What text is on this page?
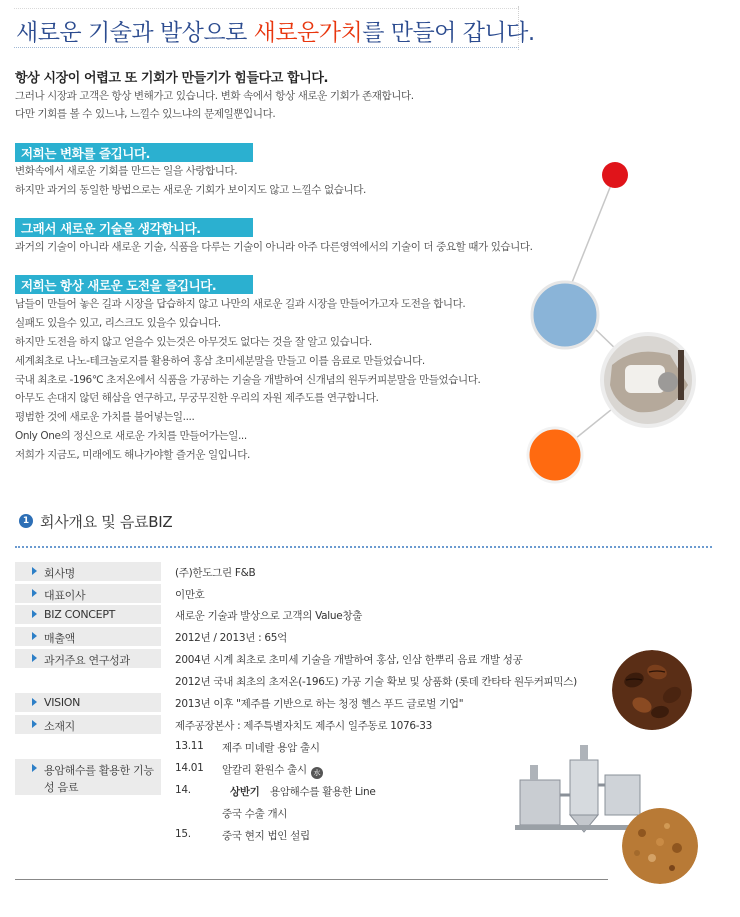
새로운 기술과 발상으로 새로운가치를 만들어 갑니다.
항상 시장이 어렵고 또 기회가 만들기가 힘들다고 합니다.
그러나 시장과 고객은 항상 변해가고 있습니다. 변화 속에서 항상 새로운 기회가 존재합니다.
다만 기회를 볼 수 있느냐, 느낄수 있느냐의 문제일뿐입니다.
저희는 변화를 즐깁니다.
변화속에서 새로운 기회를 만드는 일을 사랑합니다.
하지만 과거의 동일한 방법으로는 새로운 기회가 보이지도 않고 느낄수 없습니다.
그래서 새로운 기술을 생각합니다.
과거의 기술이 아니라 새로운 기술, 식품을 다루는 기술이 아니라 아주 다른영역에서의 기술이 더 중요할 때가 있습니다.
저희는 항상 새로운 도전을 즐깁니다.
남들이 만들어 놓은 길과 시장을 답습하지 않고 나만의 새로운 길과 시장을 만들어가고자 도전을 합니다.
실패도 있을수 있고, 리스크도 있을수 있습니다.
하지만 도전을 하지 않고 얻을수 있는것은 아무것도 없다는 것을 잘 알고 있습니다.
세계최초로 나노-테크놀로지를 활용하여 홍삼 초미세분말을 만들고 이를 음료로 만들었습니다.
국내 최초로 -196℃ 초저온에서 식품을 가공하는 기술을 개발하여 신개념의 원두커피분말을 만들었습니다.
아무도 손대지 않던 해삼을 연구하고, 무궁무진한 우리의 자원 제주도를 연구합니다.
평범한 것에 새로운 가치를 불어넣는일....
Only One의 정신으로 새로운 가치를 만들어가는일...
저희가 지금도, 미래에도 해나가야할 즐거운 일입니다.
1 회사개요 및 음료BIZ
회사명
대표이사
BIZ CONCEPT
매출액
과거주요 연구성과
VISION
소재지
용암해수를 활용한 기능성 음료
(주)한도그린 F&B
이만호
새로운 기술과 발상으로 고객의 Value창출
2012년 / 2013년 : 65억
2004년 시계 최초로 초미세 기술을 개발하여 홍삼, 인삼 한뿌리 음료 개발 성공
2012년 국내 최초의 초저온(-196도) 가공 기술 확보 및 상품화 (롯데 칸타타 원두커피믹스)
2013년 이후 "제주를 기반으로 하는 청정 헬스 푸드 글로벌 기업"
제주공장본사 : 제주특별자치도 제주시 일주동로 1076-33
13.11 제주 미네랄 용암 출시
14.01 알칼리 환원수 출시 水
14.	상반기 용암해수를 활용한 Line
중국 수출 개시
15.	중국 현지 법인 설립
